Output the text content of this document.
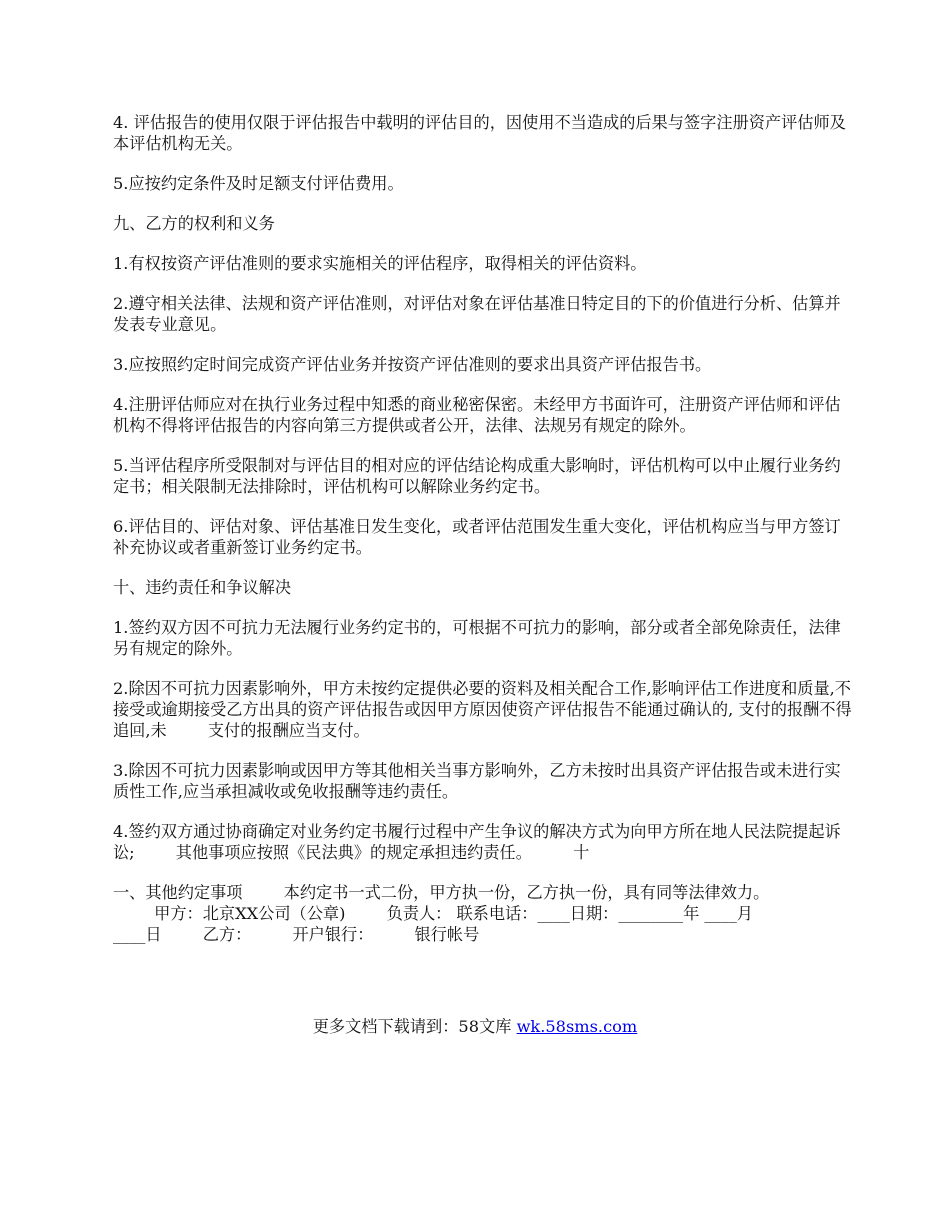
4. 评估报告的使用仅限于评估报告中载明的评估目的，因使用不当造成的后果与签字注册资产评估师及本评估机构无关。

5.应按约定条件及时足额支付评估费用。

九、乙方的权利和义务

1.有权按资产评估准则的要求实施相关的评估程序，取得相关的评估资料。

2.遵守相关法律、法规和资产评估准则，对评估对象在评估基准日特定目的下的价值进行分析、估算并发表专业意见。

3.应按照约定时间完成资产评估业务并按资产评估准则的要求出具资产评估报告书。

4.注册评估师应对在执行业务过程中知悉的商业秘密保密。未经甲方书面许可，注册资产评估师和评估机构不得将评估报告的内容向第三方提供或者公开，法律、法规另有规定的除外。

5.当评估程序所受限制对与评估目的相对应的评估结论构成重大影响时，评估机构可以中止履行业务约定书；相关限制无法排除时，评估机构可以解除业务约定书。

6.评估目的、评估对象、评估基准日发生变化，或者评估范围发生重大变化，评估机构应当与甲方签订补充协议或者重新签订业务约定书。

十、违约责任和争议解决

1.签约双方因不可抗力无法履行业务约定书的，可根据不可抗力的影响，部分或者全部免除责任，法律另有规定的除外。

2.除因不可抗力因素影响外，甲方未按约定提供必要的资料及相关配合工作,影响评估工作进度和质量,不接受或逾期接受乙方出具的资产评估报告或因甲方原因使资产评估报告不能通过确认的, 支付的报酬不得追回,未        支付的报酬应当支付。

3.除因不可抗力因素影响或因甲方等其他相关当事方影响外，乙方未按时出具资产评估报告或未进行实质性工作,应当承担减收或免收报酬等违约责任。

4.签约双方通过协商确定对业务约定书履行过程中产生争议的解决方式为向甲方所在地人民法院提起诉讼;        其他事项应按照《民法典》的规定承担违约责任。        十

一、其他约定事项        本约定书一式二份，甲方执一份，乙方执一份，具有同等法律效力。

甲方：北京XX公司（公章)        负责人： 联系电话：____日期：________年 ____月

____日        乙方：        开户银行：        银行帐号

更多文档下载请到：58文库 wk.58sms.com
